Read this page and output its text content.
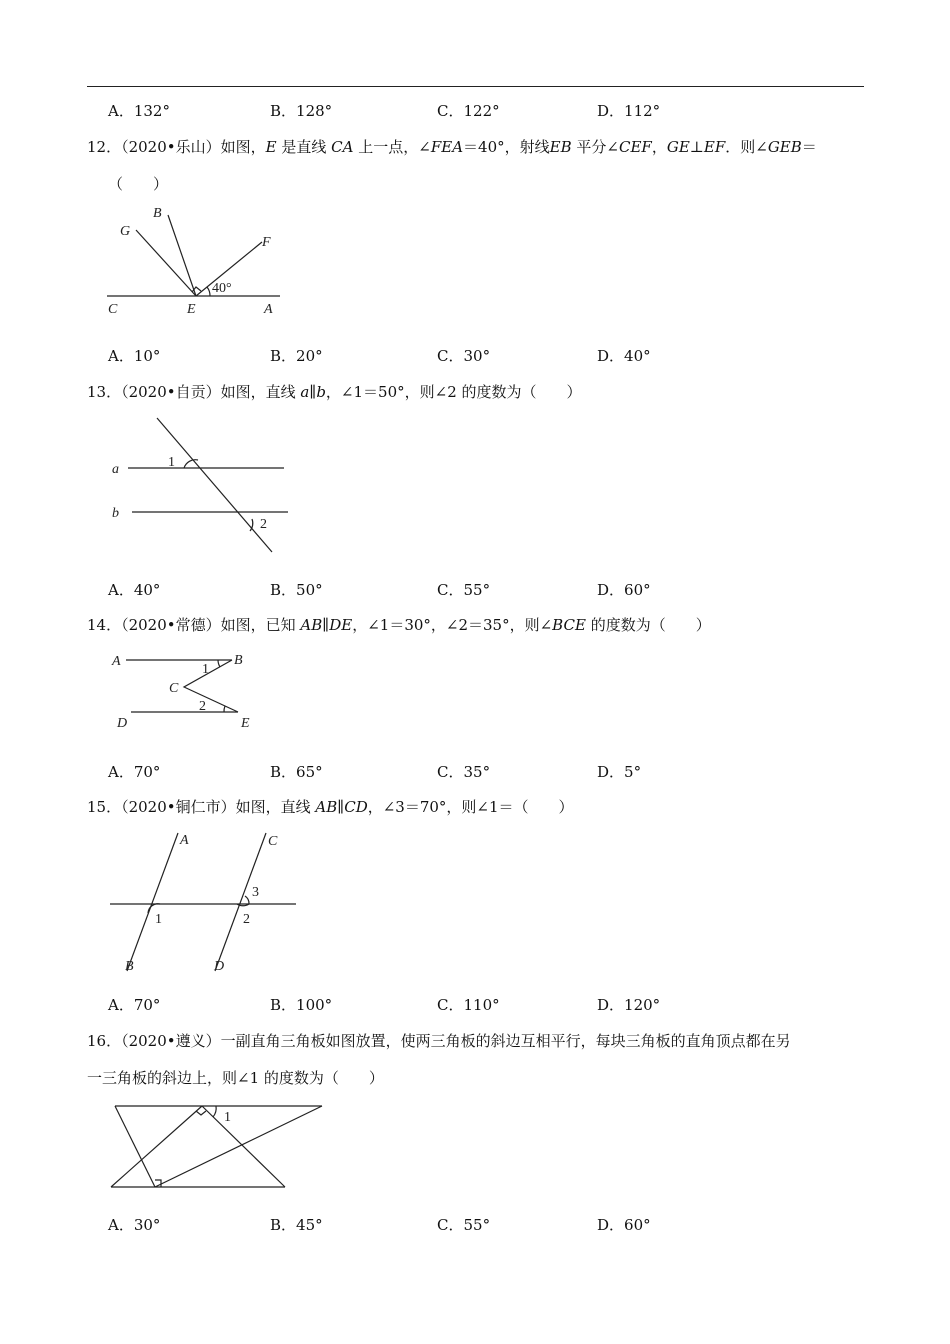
A．132°	B．128°	C．122°	D．112°
12．（2020•乐山）如图，E 是直线 CA 上一点，∠FEA＝40°，射线EB 平分∠CEF，GE⊥EF．则∠GEB＝
（　　）
G
B
F
C	E	A
40°
A．10°	B．20°	C．30°	D．40°
13．（2020•自贡）如图，直线 a∥b，∠1＝50°，则∠2 的度数为（　　）
a
b
1
2
A．40°	B．50°	C．55°	D．60°
14．（2020•常德）如图，已知 AB∥DE，∠1＝30°，∠2＝35°，则∠BCE 的度数为（　　）
A	B
1
C
2
D	E
A．70°	B．65°	C．35°	D．5°
15．（2020•铜仁市）如图，直线 AB∥CD，∠3＝70°，则∠1＝（　　）
A	C
3
1	2
B	D
A．70°	B．100°	C．110°	D．120°
16．（2020•遵义）一副直角三角板如图放置，使两三角板的斜边互相平行，每块三角板的直角顶点都在另
一三角板的斜边上，则∠1 的度数为（　　）
1
A．30°	B．45°	C．55°	D．60°
